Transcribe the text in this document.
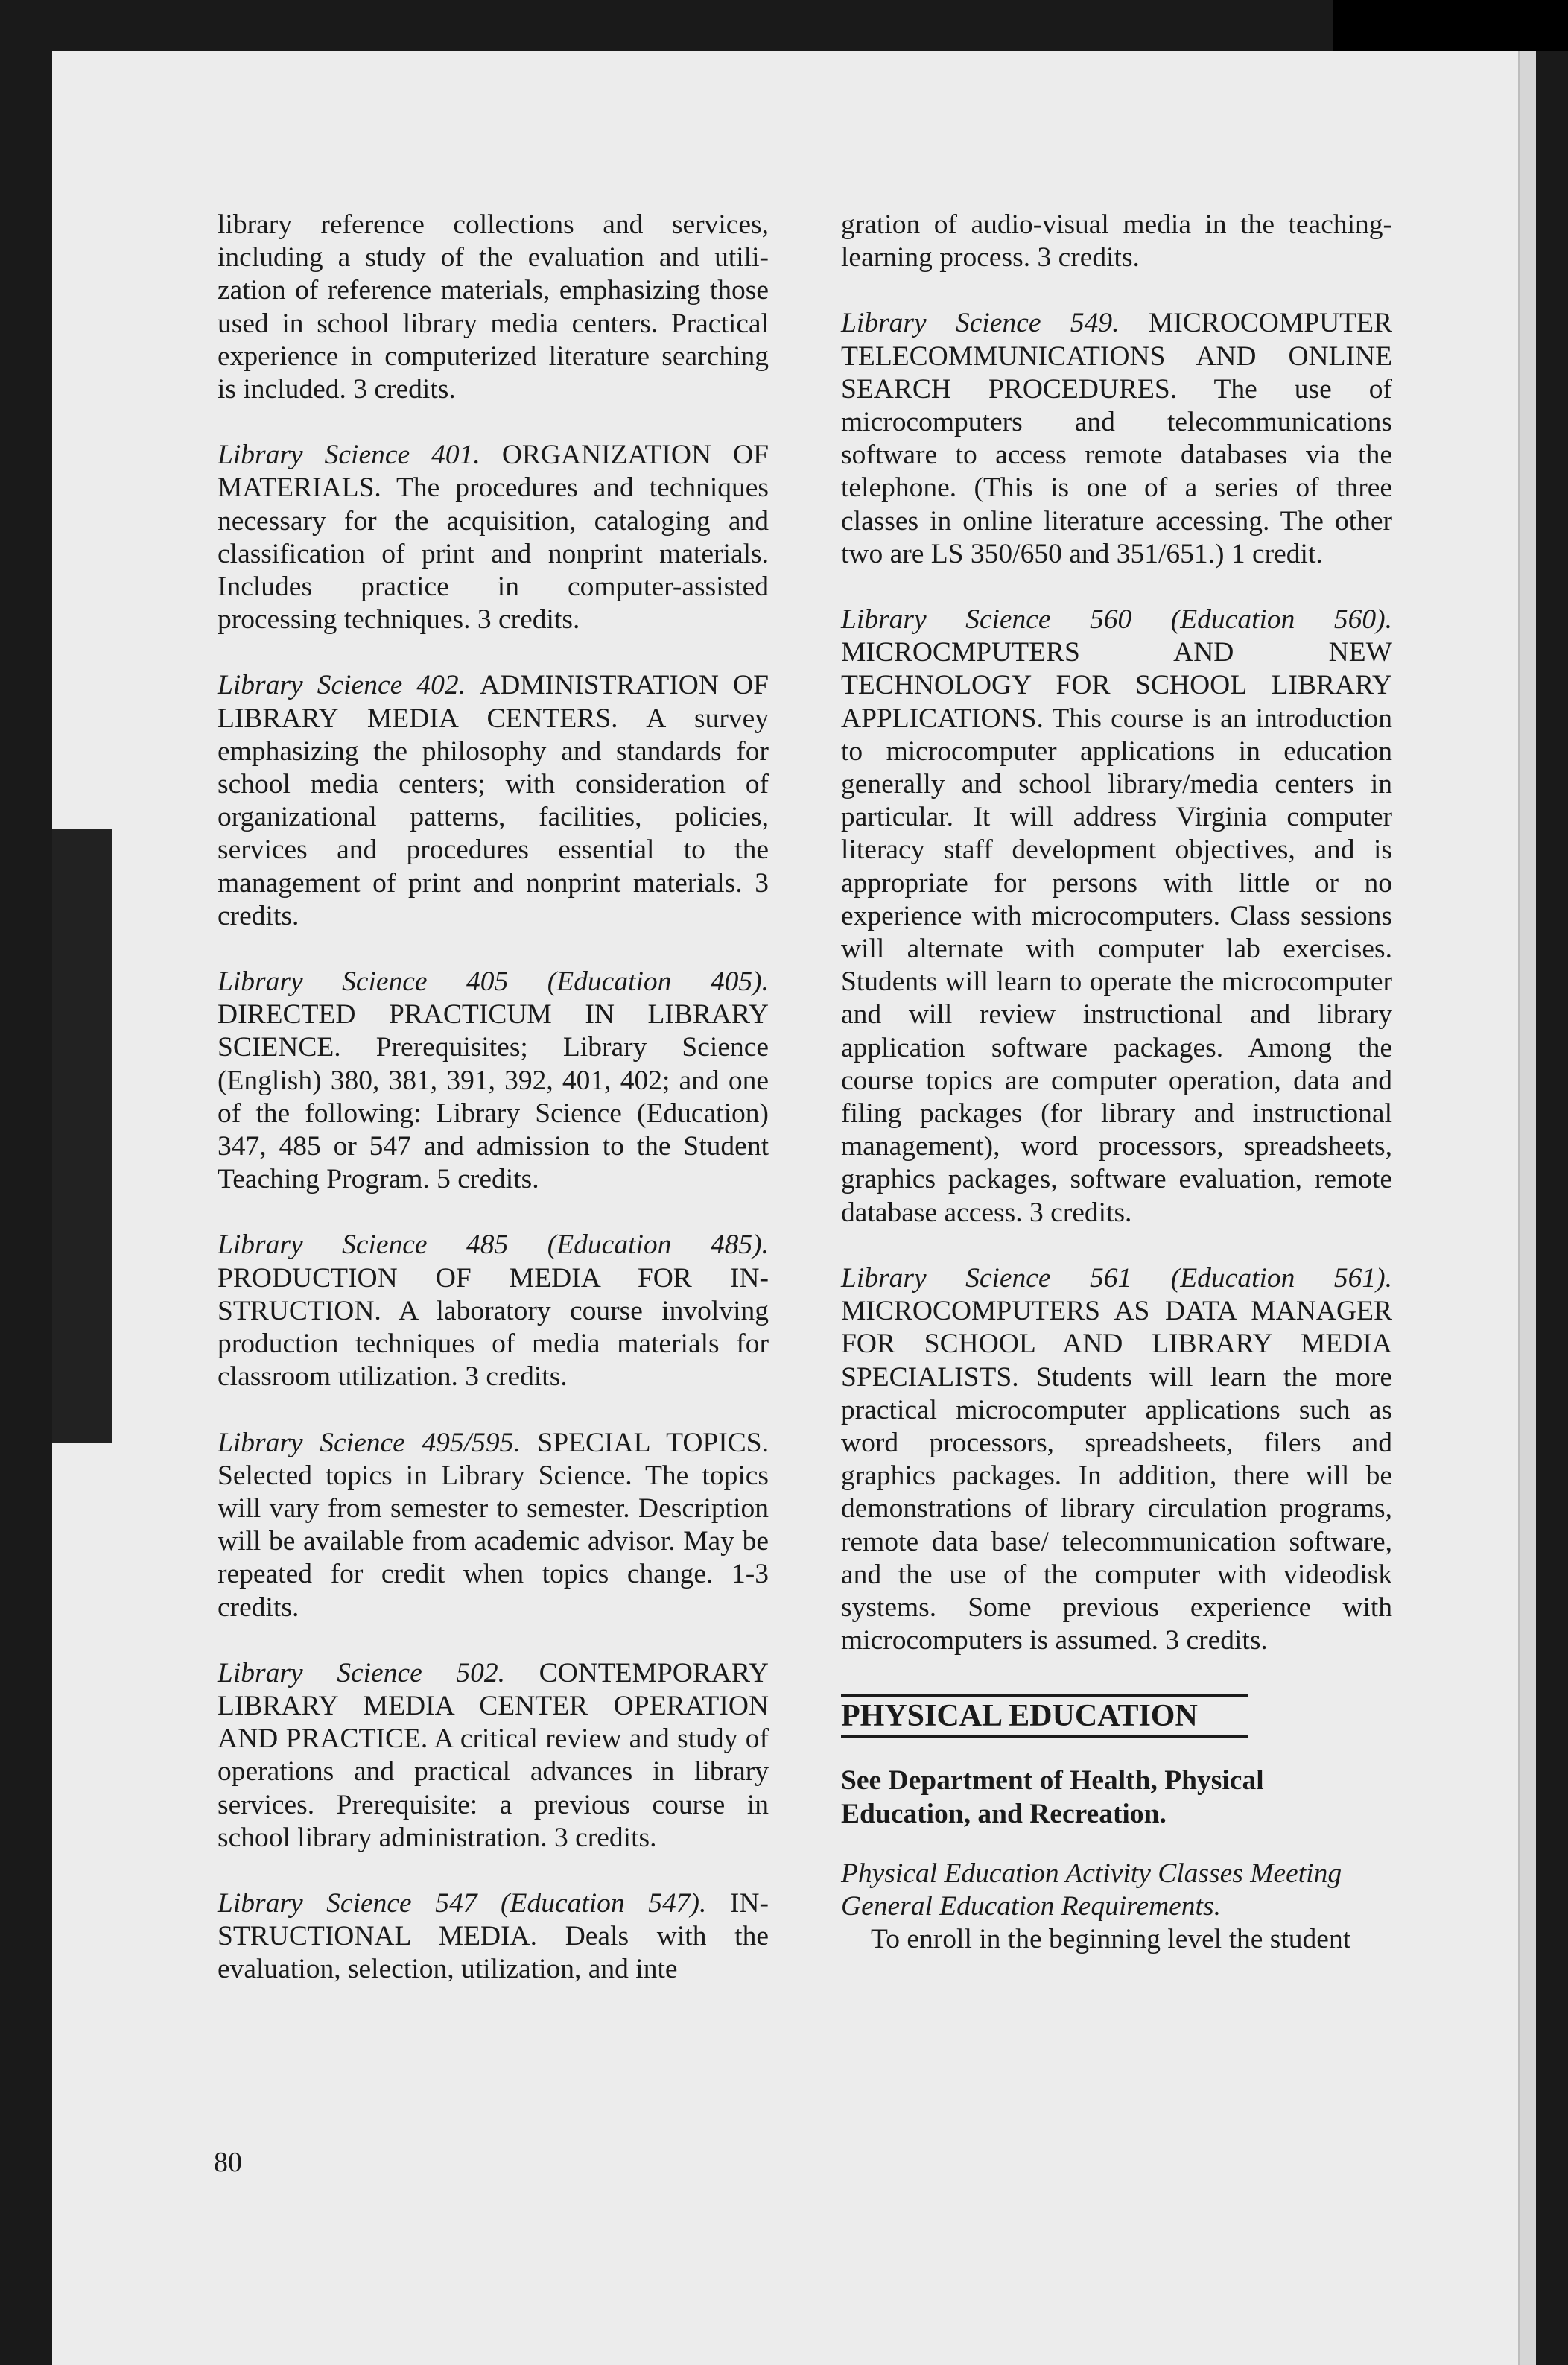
library reference collections and services, including a study of the evaluation and utilization of reference materials, emphasizing those used in school library media centers. Practical experience in computerized literature searching is included. 3 credits.

Library Science 401. ORGANIZATION OF MATERIALS. The procedures and techniques necessary for the acquisition, cataloging and classification of print and nonprint materials. Includes practice in computer-assisted processing techniques. 3 credits.

Library Science 402. ADMINISTRATION OF LIBRARY MEDIA CENTERS. A survey emphasizing the philosophy and standards for school media centers; with consideration of organizational patterns, facilities, policies, services and procedures essential to the management of print and nonprint materials. 3 credits.

Library Science 405 (Education 405). DIRECTED PRACTICUM IN LIBRARY SCIENCE. Prerequisites; Library Science (English) 380, 381, 391, 392, 401, 402; and one of the following: Library Science (Education) 347, 485 or 547 and admission to the Student Teaching Program. 5 credits.

Library Science 485 (Education 485). PRODUCTION OF MEDIA FOR INSTRUCTION. A laboratory course involving production techniques of media materials for classroom utilization. 3 credits.

Library Science 495/595. SPECIAL TOPICS. Selected topics in Library Science. The topics will vary from semester to semester. Description will be available from academic advisor. May be repeated for credit when topics change. 1-3 credits.

Library Science 502. CONTEMPORARY LIBRARY MEDIA CENTER OPERATION AND PRACTICE. A critical review and study of operations and practical advances in library services. Prerequisite: a previous course in school library administration. 3 credits.

Library Science 547 (Education 547). INSTRUCTIONAL MEDIA. Deals with the evaluation, selection, utilization, and inte

gration of audio-visual media in the teaching-learning process. 3 credits.

Library Science 549. MICROCOMPUTER TELECOMMUNICATIONS AND ONLINE SEARCH PROCEDURES. The use of microcomputers and telecommunications software to access remote databases via the telephone. (This is one of a series of three classes in online literature accessing. The other two are LS 350/650 and 351/651.) 1 credit.

Library Science 560 (Education 560). MICROCMPUTERS AND NEW TECHNOLOGY FOR SCHOOL LIBRARY APPLICATIONS. This course is an introduction to microcomputer applications in education generally and school library/media centers in particular. It will address Virginia computer literacy staff development objectives, and is appropriate for persons with little or no experience with microcomputers. Class sessions will alternate with computer lab exercises. Students will learn to operate the microcomputer and will review instructional and library application software packages. Among the course topics are computer operation, data and filing packages (for library and instructional management), word processors, spreadsheets, graphics packages, software evaluation, remote database access. 3 credits.

Library Science 561 (Education 561). MICROCOMPUTERS AS DATA MANAGER FOR SCHOOL AND LIBRARY MEDIA SPECIALISTS. Students will learn the more practical microcomputer applications such as word processors, spreadsheets, filers and graphics packages. In addition, there will be demonstrations of library circulation programs, remote data base/ telecommunication software, and the use of the computer with videodisk systems. Some previous experience with microcomputers is assumed. 3 credits.

PHYSICAL EDUCATION

See Department of Health, Physical Education, and Recreation.

Physical Education Activity Classes Meeting General Education Requirements.

To enroll in the beginning level the student

80
